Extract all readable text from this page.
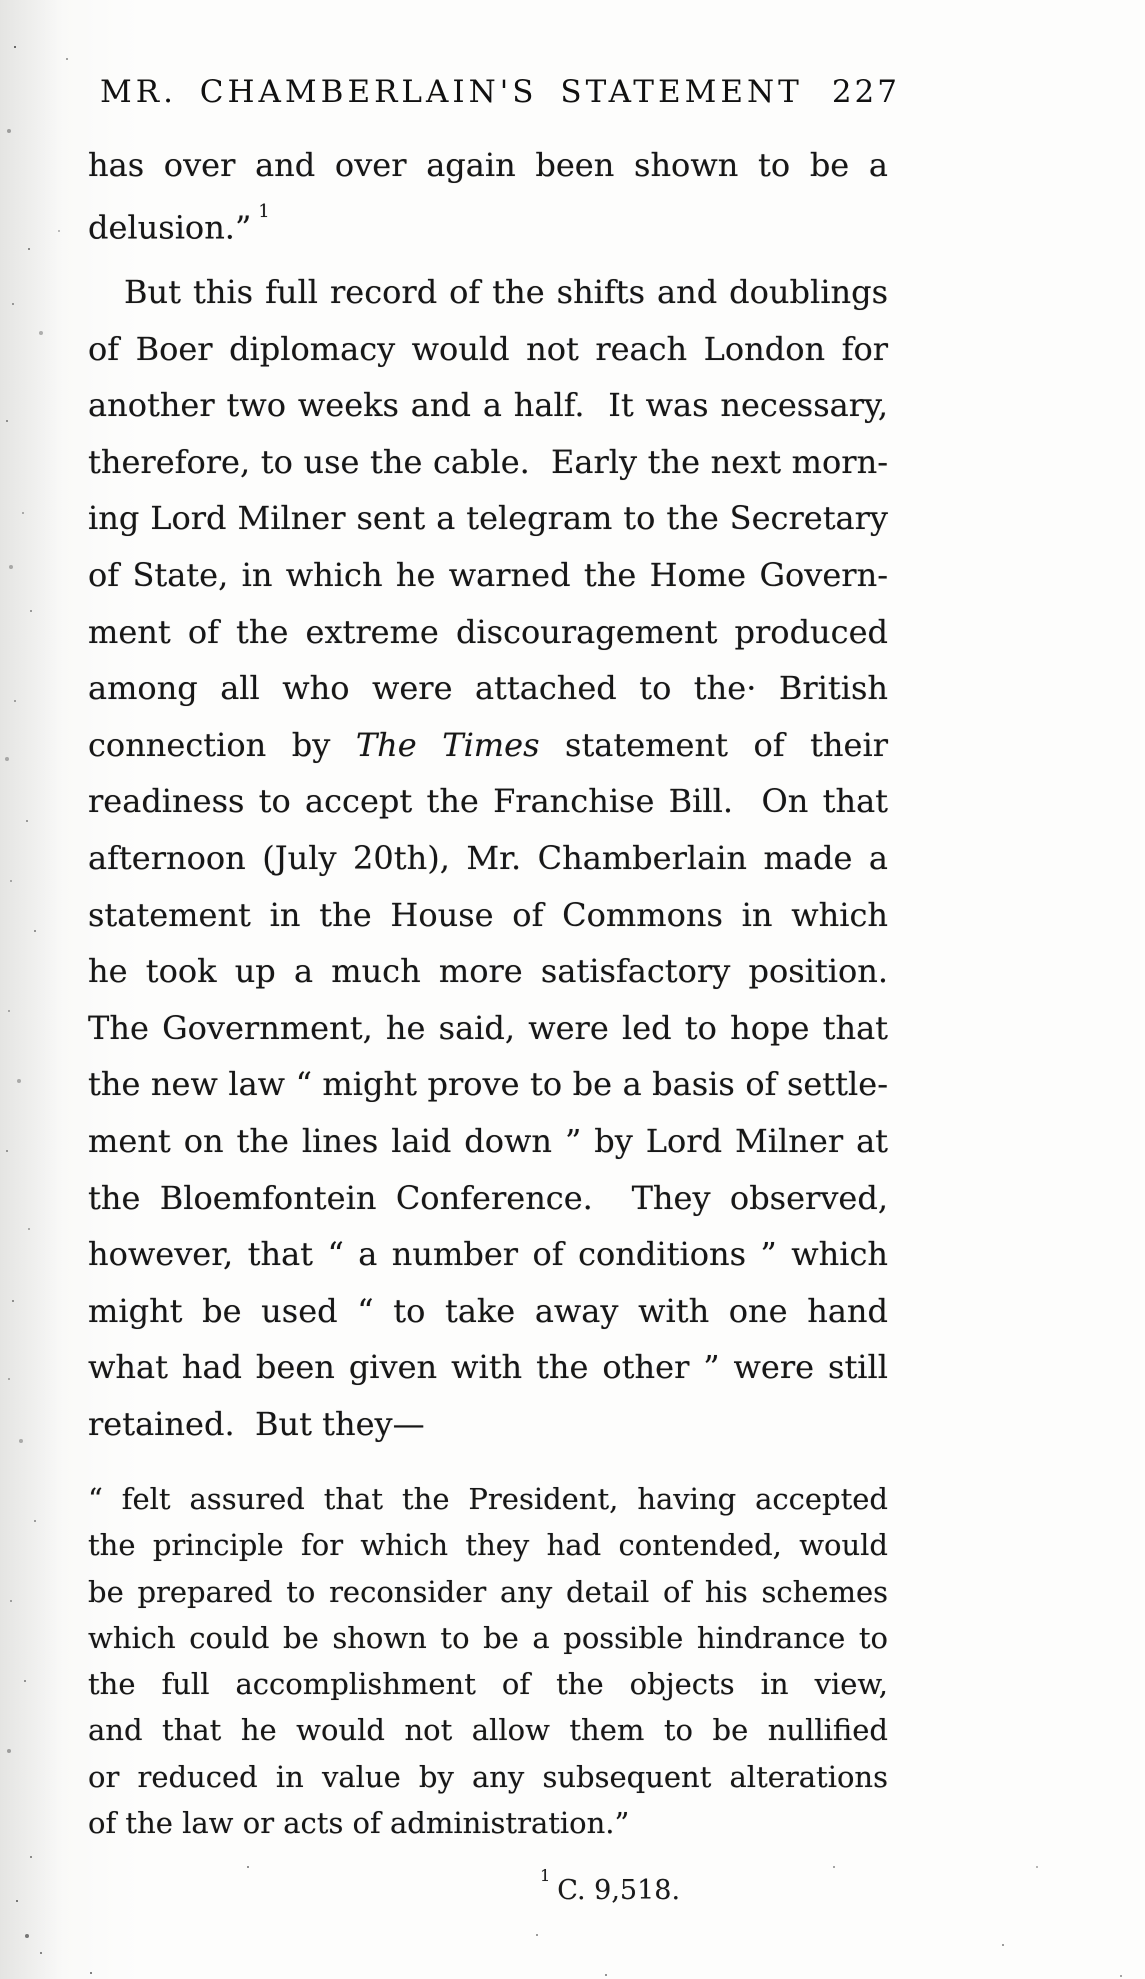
MR. CHAMBERLAIN'S STATEMENT 227
has over and over again been shown to be a
delusion.” $^1$
But this full record of the shifts and doublings
of Boer diplomacy would not reach London for
another two weeks and a half.  It was necessary,
therefore, to use the cable.  Early the next morn-
ing Lord Milner sent a telegram to the Secretary
of State, in which he warned the Home Govern-
ment of the extreme discouragement produced
among all who were attached to the· British
connection by The Times statement of their
readiness to accept the Franchise Bill.  On that
afternoon (July 20th), Mr. Chamberlain made a
statement in the House of Commons in which
he took up a much more satisfactory position.
The Government, he said, were led to hope that
the new law “ might prove to be a basis of settle-
ment on the lines laid down ” by Lord Milner at
the Bloemfontein Conference.  They observed,
however, that “ a number of conditions ” which
might be used “ to take away with one hand
what had been given with the other ” were still
retained.  But they—
“ felt assured that the President, having accepted
the principle for which they had contended, would
be prepared to reconsider any detail of his schemes
which could be shown to be a possible hindrance to
the full accomplishment of the objects in view,
and that he would not allow them to be nullified
or reduced in value by any subsequent alterations
of the law or acts of administration.”
$^1$ C. 9,518.
